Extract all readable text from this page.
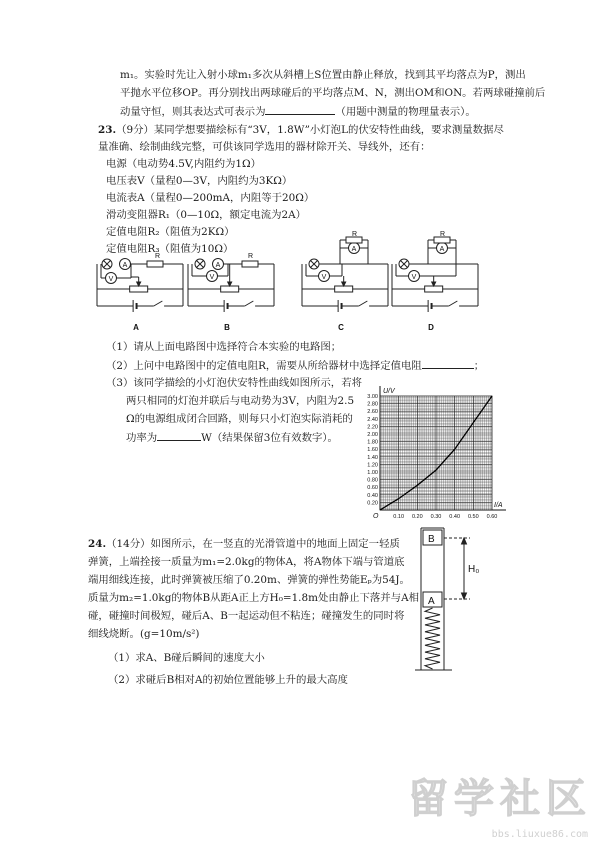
m₁。实验时先让入射小球m₁多次从斜槽上S位置由静止释放，找到其平均落点为P，测出
平抛水平位移OP。再分别找出两球碰后的平均落点M、N，测出OM和ON。若两球碰撞前后
动量守恒，则其表达式可表示为	（用题中测量的物理量表示）。
23.（9分）某同学想要描绘标有“3V，1.8W”小灯泡L的伏安特性曲线，要求测量数据尽
量准确、绘制曲线完整，可供该同学选用的器材除开关、导线外，还有：
电源（电动势4.5V,内阻约为1Ω）
电压表V（量程0—3V，内阻约为3KΩ）
电流表A（量程0—200mA，内阻等于20Ω）
滑动变阻器R₁（0—10Ω，额定电流为2A）
定值电阻R₂（阻值为2KΩ）
定值电阻R₃（阻值为10Ω）
A
R
V
A
A
R
V
B
A
R
V
C
A
R
V
D
（1）请从上面电路图中选择符合本实验的电路图；
（2）上问中电路图中的定值电阻R，需要从所给器材中选择定值电阻	；
（3）该同学描绘的小灯泡伏安特性曲线如图所示，若将
两只相同的灯泡并联后与电动势为3V，内阻为2.5
Ω的电源组成闭合回路，则每只小灯泡实际消耗的
功率为	W（结果保留3位有效数字）。
U/V
I/A
O
3.00
2.80
2.60
2.40
2.20
2.00
1.80
1.60
1.40
1.20
1.00
0.80
0.60
0.40
0.20
0.10 0.20 0.30 0.40 0.50 0.60
24.（14分）如图所示，在一竖直的光滑管道中的地面上固定一轻质
弹簧，上端拴接一质量为m₁=2.0kg的物体A，将A物体下端与管道底
端用细线连接，此时弹簧被压缩了0.20m、弹簧的弹性势能Eₚ为54J。
质量为m₂=1.0kg的物体B从距A正上方H₀=1.8m处由静止下落并与A相
碰，碰撞时间极短，碰后A、B一起运动但不粘连；碰撞发生的同时将
细线烧断。(g=10m/s²)
（1）求A、B碰后瞬间的速度大小
（2）求碰后B相对A的初始位置能够上升的最大高度
B
A
H₀
留学社区
bbs.liuxue86.com
